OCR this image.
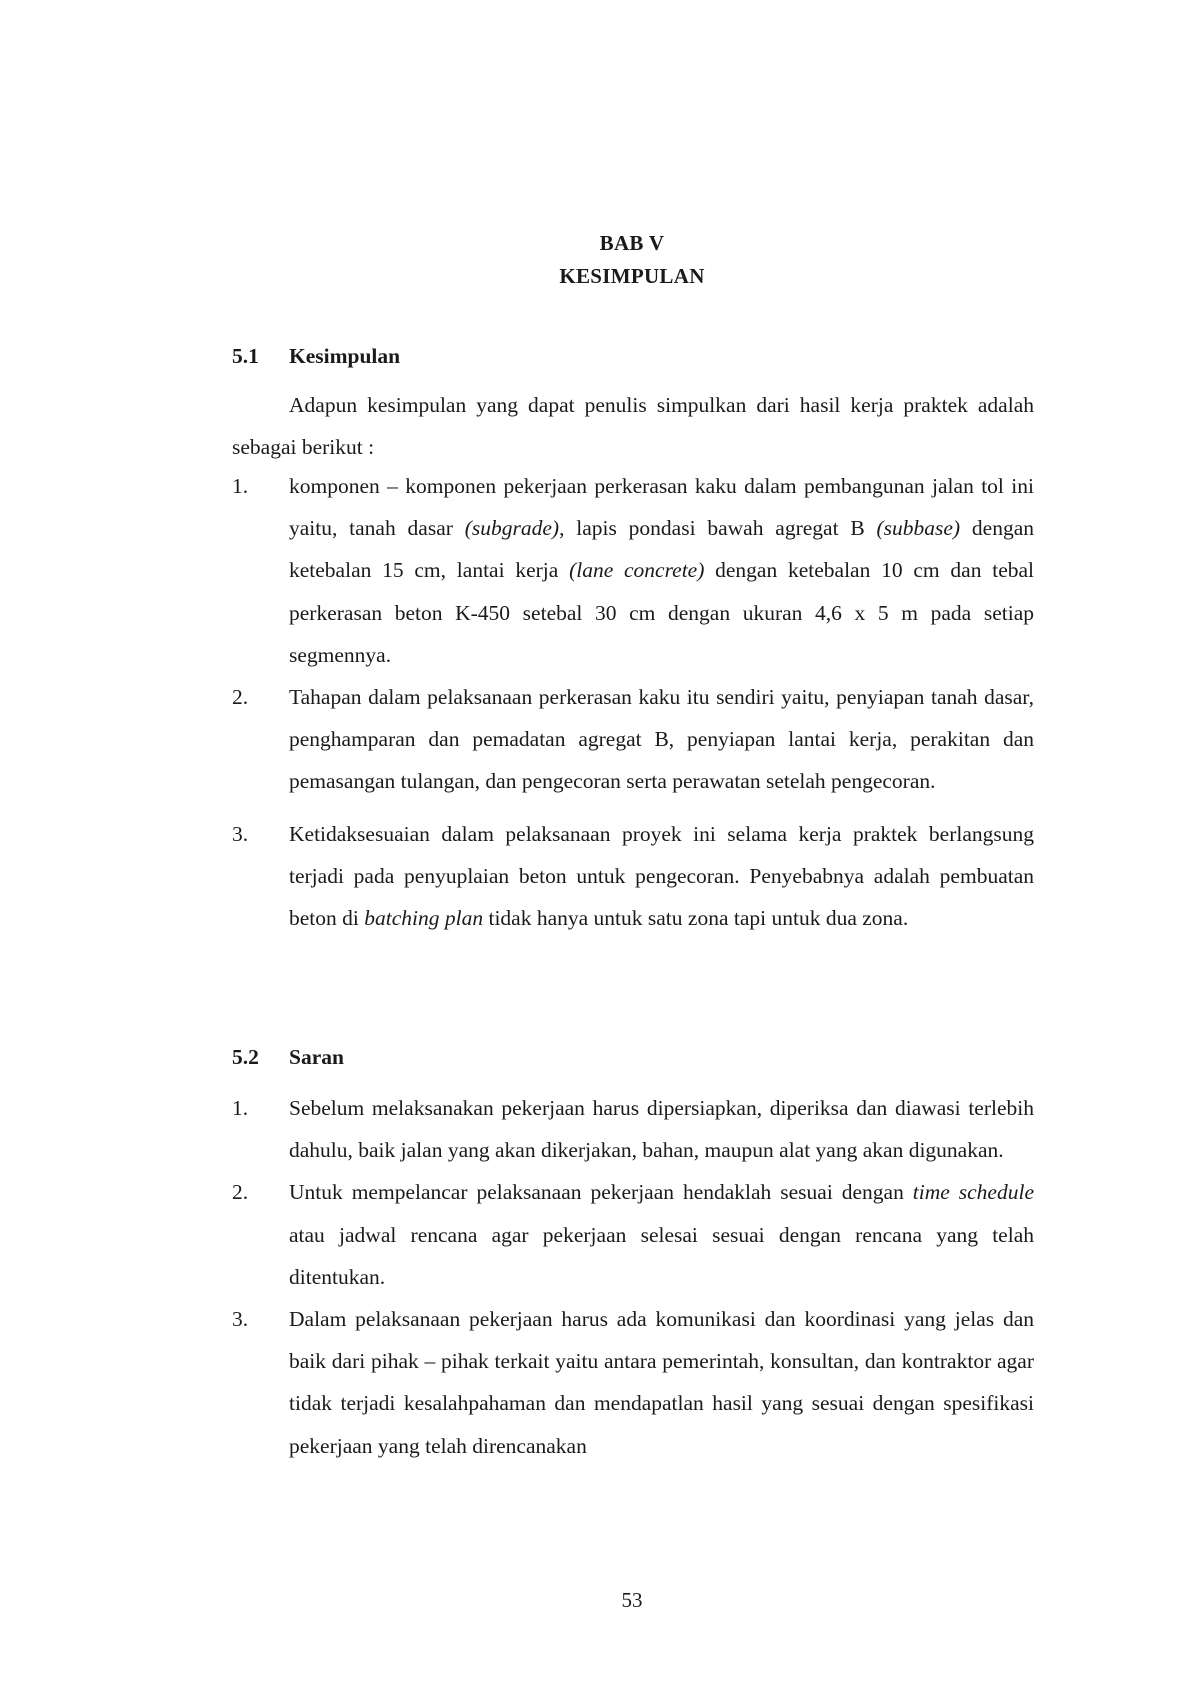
BAB V
KESIMPULAN
5.1 Kesimpulan

Adapun kesimpulan yang dapat penulis simpulkan dari hasil kerja praktek adalah sebagai berikut :

1. komponen – komponen pekerjaan perkerasan kaku dalam pembangunan jalan tol ini yaitu, tanah dasar (subgrade), lapis pondasi bawah agregat B (subbase) dengan ketebalan 15 cm, lantai kerja (lane concrete) dengan ketebalan 10 cm dan tebal perkerasan beton K-450 setebal 30 cm dengan ukuran 4,6 x 5 m pada setiap segmennya.
2. Tahapan dalam pelaksanaan perkerasan kaku itu sendiri yaitu, penyiapan tanah dasar, penghamparan dan pemadatan agregat B, penyiapan lantai kerja, perakitan dan pemasangan tulangan, dan pengecoran serta perawatan setelah pengecoran.
3. Ketidaksesuaian dalam pelaksanaan proyek ini selama kerja praktek berlangsung terjadi pada penyuplaian beton untuk pengecoran. Penyebabnya adalah pembuatan beton di batching plan tidak hanya untuk satu zona tapi untuk dua zona.
5.2 Saran
1. Sebelum melaksanakan pekerjaan harus dipersiapkan, diperiksa dan diawasi terlebih dahulu, baik jalan yang akan dikerjakan, bahan, maupun alat yang akan digunakan.
2. Untuk mempelancar pelaksanaan pekerjaan hendaklah sesuai dengan time schedule atau jadwal rencana agar pekerjaan selesai sesuai dengan rencana yang telah ditentukan.
3. Dalam pelaksanaan pekerjaan harus ada komunikasi dan koordinasi yang jelas dan baik dari pihak – pihak terkait yaitu antara pemerintah, konsultan, dan kontraktor agar tidak terjadi kesalahpahaman dan mendapatlan hasil yang sesuai dengan spesifikasi pekerjaan yang telah direncanakan
53
